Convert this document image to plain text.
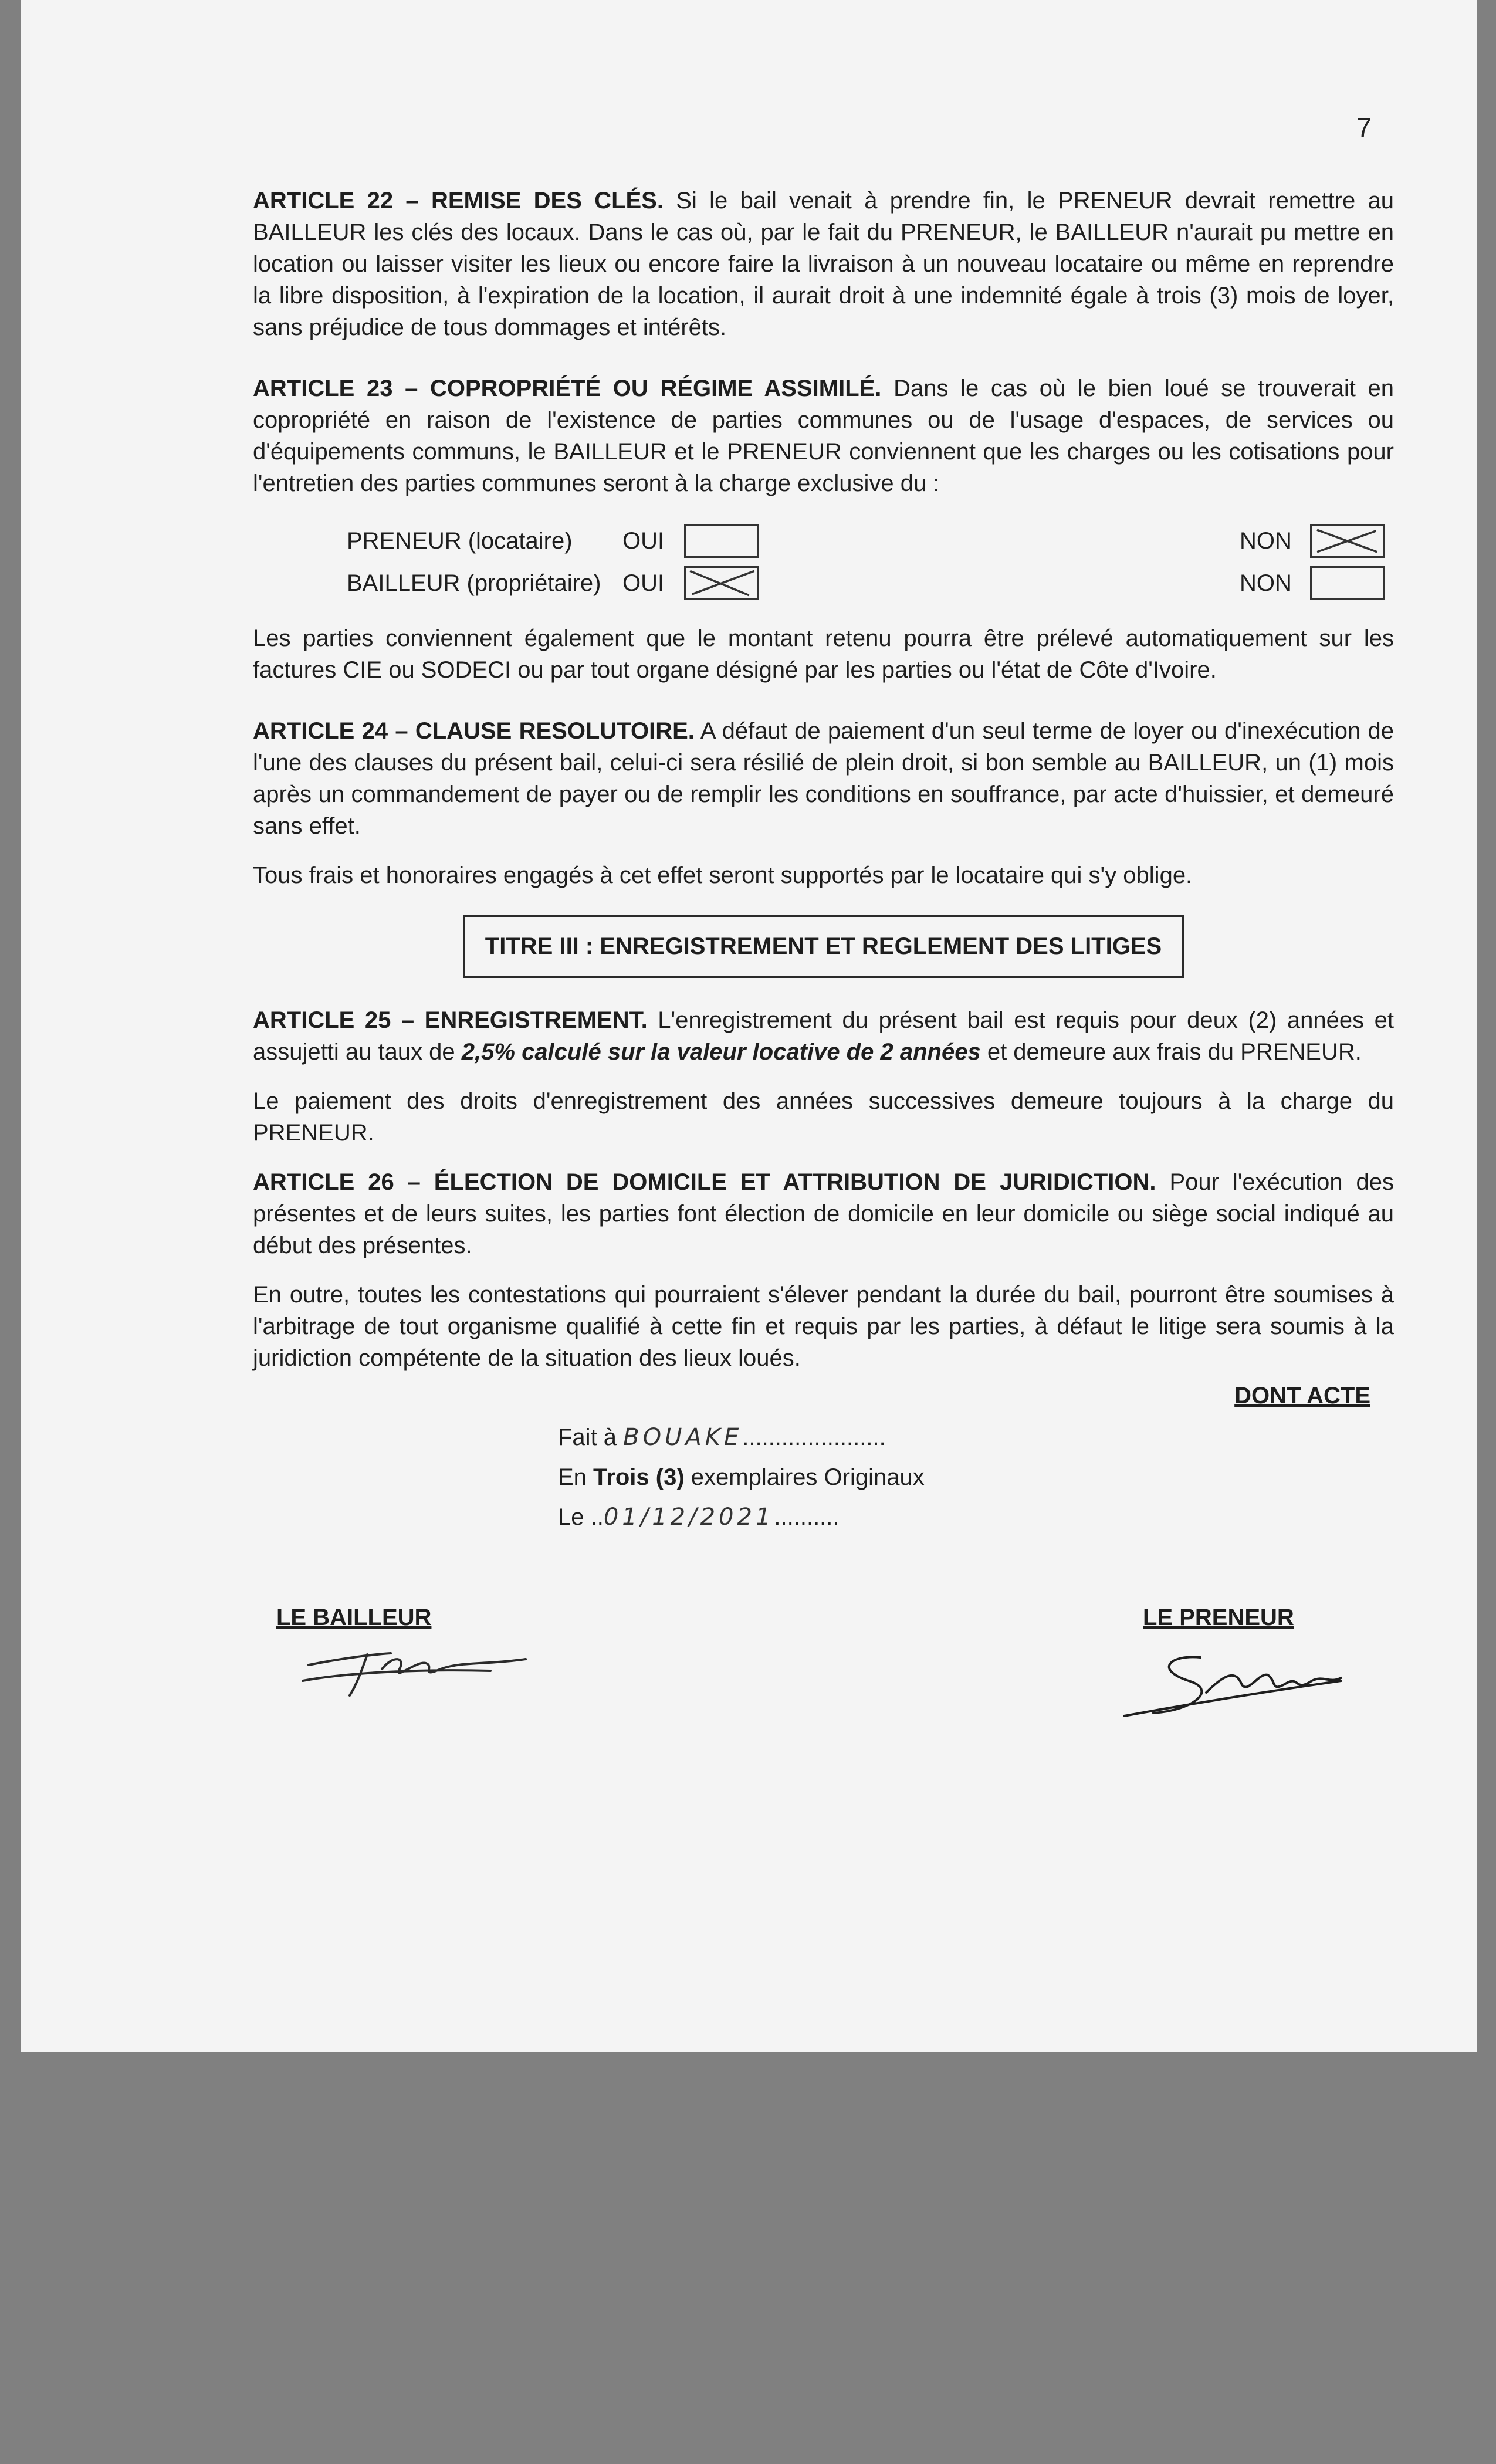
7

ARTICLE 22 – REMISE DES CLÉS. Si le bail venait à prendre fin, le PRENEUR devrait remettre au BAILLEUR les clés des locaux. Dans le cas où, par le fait du PRENEUR, le BAILLEUR n'aurait pu mettre en location ou laisser visiter les lieux ou encore faire la livraison à un nouveau locataire ou même en reprendre la libre disposition, à l'expiration de la location, il aurait droit à une indemnité égale à trois (3) mois de loyer, sans préjudice de tous dommages et intérêts.

ARTICLE 23 – COPROPRIÉTÉ OU RÉGIME ASSIMILÉ. Dans le cas où le bien loué se trouverait en copropriété en raison de l'existence de parties communes ou de l'usage d'espaces, de services ou d'équipements communs, le BAILLEUR et le PRENEUR conviennent que les charges ou les cotisations pour l'entretien des parties communes seront à la charge exclusive du :

PRENEUR (locataire)	OUI	NON
BAILLEUR (propriétaire) OUI	NON

Les parties conviennent également que le montant retenu pourra être prélevé automatiquement sur les factures CIE ou SODECI ou par tout organe désigné par les parties ou l'état de Côte d'Ivoire.

ARTICLE 24 – CLAUSE RESOLUTOIRE. A défaut de paiement d'un seul terme de loyer ou d'inexécution de l'une des clauses du présent bail, celui-ci sera résilié de plein droit, si bon semble au BAILLEUR, un (1) mois après un commandement de payer ou de remplir les conditions en souffrance, par acte d'huissier, et demeuré sans effet.

Tous frais et honoraires engagés à cet effet seront supportés par le locataire qui s'y oblige.

TITRE III : ENREGISTREMENT ET REGLEMENT DES LITIGES

ARTICLE 25 – ENREGISTREMENT. L'enregistrement du présent bail est requis pour deux (2) années et assujetti au taux de 2,5% calculé sur la valeur locative de 2 années et demeure aux frais du PRENEUR.

Le paiement des droits d'enregistrement des années successives demeure toujours à la charge du PRENEUR.

ARTICLE 26 – ÉLECTION DE DOMICILE ET ATTRIBUTION DE JURIDICTION. Pour l'exécution des présentes et de leurs suites, les parties font élection de domicile en leur domicile ou siège social indiqué au début des présentes.

En outre, toutes les contestations qui pourraient s'élever pendant la durée du bail, pourront être soumises à l'arbitrage de tout organisme qualifié à cette fin et requis par les parties, à défaut le litige sera soumis à la juridiction compétente de la situation des lieux loués.

DONT ACTE

Fait à BOUAKE......................
En Trois (3) exemplaires Originaux
Le ..01/12/2021..........
LE BAILLEUR	LE PRENEUR
